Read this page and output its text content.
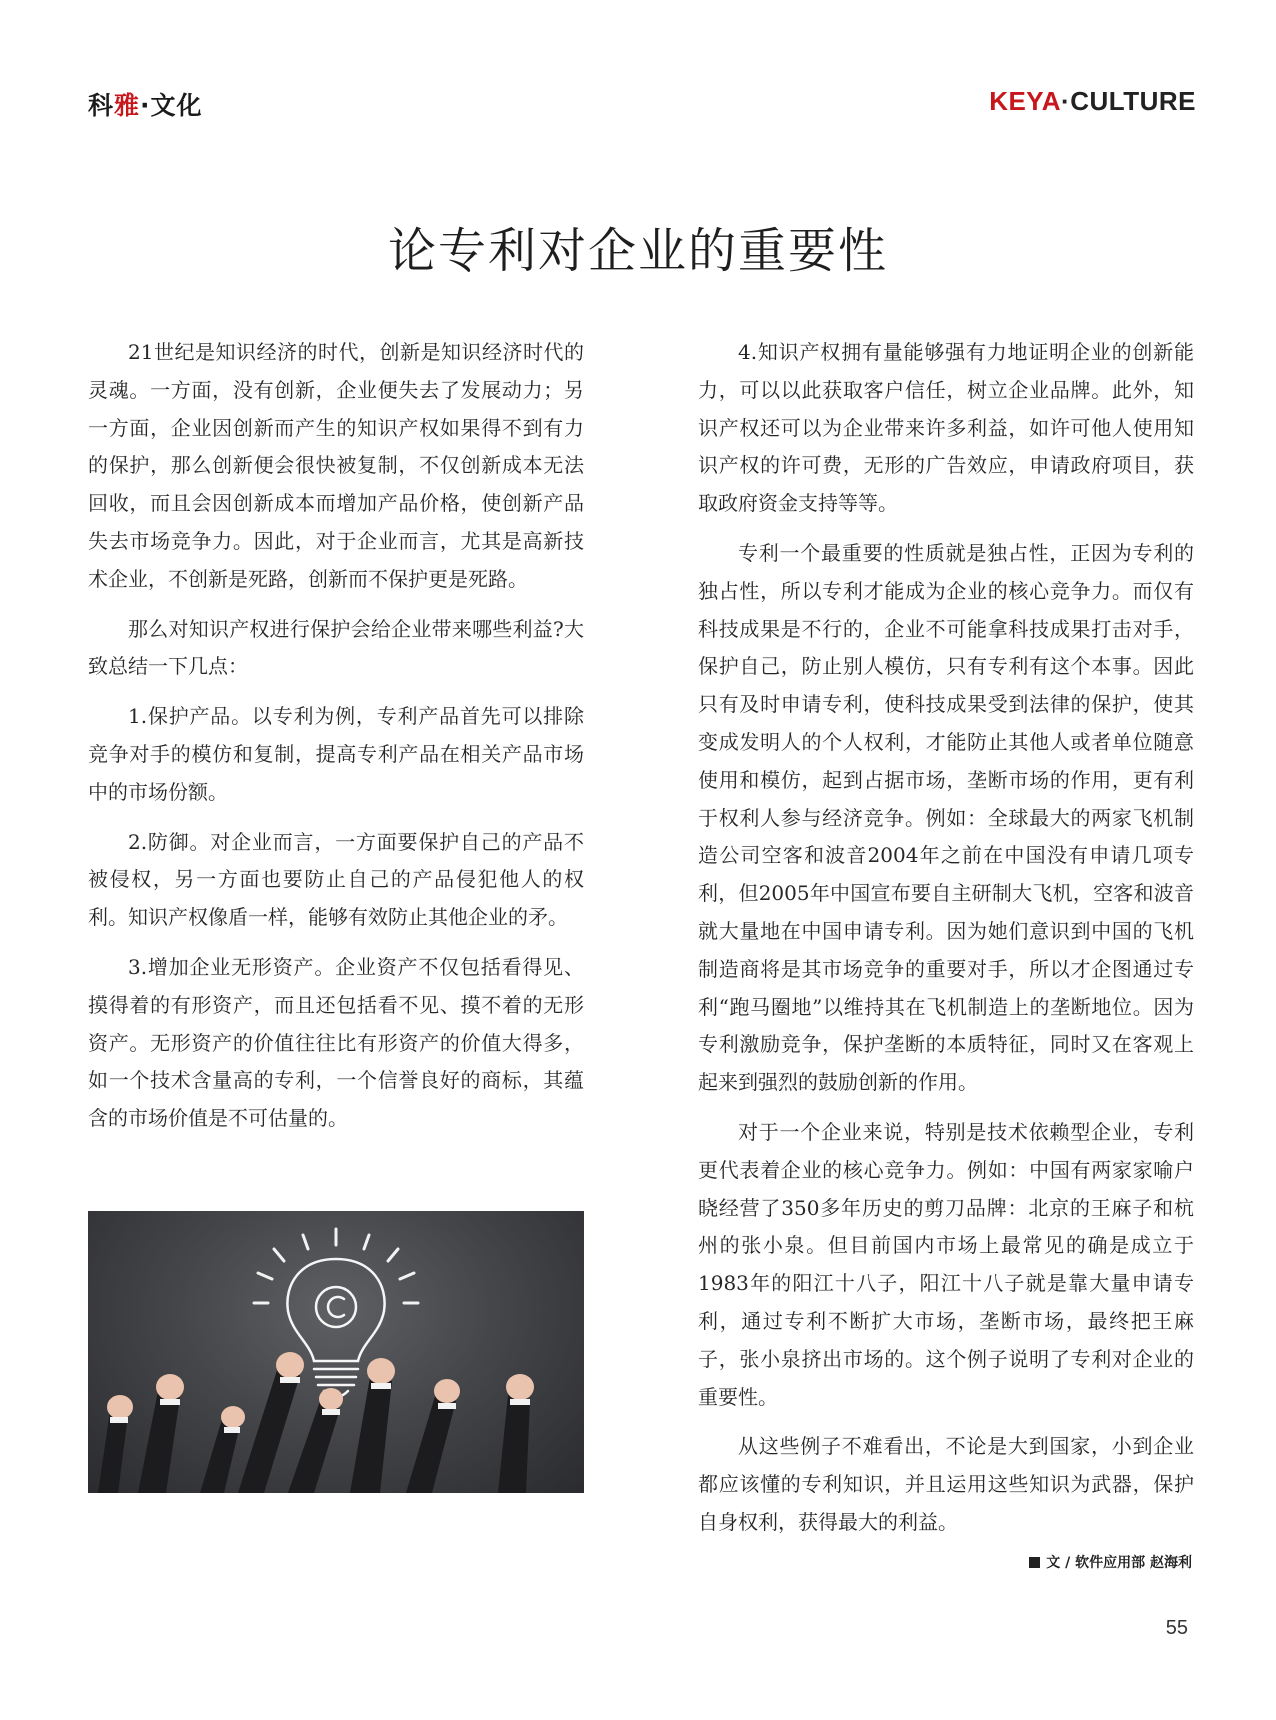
科雅·文化	KEYA·CULTURE
论专利对企业的重要性

21世纪是知识经济的时代，创新是知识经济时代的灵魂。一方面，没有创新，企业便失去了发展动力；另一方面，企业因创新而产生的知识产权如果得不到有力的保护，那么创新便会很快被复制，不仅创新成本无法回收，而且会因创新成本而增加产品价格，使创新产品失去市场竞争力。因此，对于企业而言，尤其是高新技术企业，不创新是死路，创新而不保护更是死路。

那么对知识产权进行保护会给企业带来哪些利益?大致总结一下几点：

1.保护产品。以专利为例，专利产品首先可以排除竞争对手的模仿和复制，提高专利产品在相关产品市场中的市场份额。

2.防御。对企业而言，一方面要保护自己的产品不被侵权，另一方面也要防止自己的产品侵犯他人的权利。知识产权像盾一样，能够有效防止其他企业的矛。

3.增加企业无形资产。企业资产不仅包括看得见、摸得着的有形资产，而且还包括看不见、摸不着的无形资产。无形资产的价值往往比有形资产的价值大得多，如一个技术含量高的专利，一个信誉良好的商标，其蕴含的市场价值是不可估量的。

4.知识产权拥有量能够强有力地证明企业的创新能力，可以以此获取客户信任，树立企业品牌。此外，知识产权还可以为企业带来许多利益，如许可他人使用知识产权的许可费，无形的广告效应，申请政府项目，获取政府资金支持等等。

专利一个最重要的性质就是独占性，正因为专利的独占性，所以专利才能成为企业的核心竞争力。而仅有科技成果是不行的，企业不可能拿科技成果打击对手，保护自己，防止别人模仿，只有专利有这个本事。因此只有及时申请专利，使科技成果受到法律的保护，使其变成发明人的个人权利，才能防止其他人或者单位随意使用和模仿，起到占据市场，垄断市场的作用，更有利于权利人参与经济竞争。例如：全球最大的两家飞机制造公司空客和波音2004年之前在中国没有申请几项专利，但2005年中国宣布要自主研制大飞机，空客和波音就大量地在中国申请专利。因为她们意识到中国的飞机制造商将是其市场竞争的重要对手，所以才企图通过专利“跑马圈地”以维持其在飞机制造上的垄断地位。因为专利激励竞争，保护垄断的本质特征，同时又在客观上起来到强烈的鼓励创新的作用。

对于一个企业来说，特别是技术依赖型企业，专利更代表着企业的核心竞争力。例如：中国有两家家喻户晓经营了350多年历史的剪刀品牌：北京的王麻子和杭州的张小泉。但目前国内市场上最常见的确是成立于1983年的阳江十八子，阳江十八子就是靠大量申请专利，通过专利不断扩大市场，垄断市场，最终把王麻子，张小泉挤出市场的。这个例子说明了专利对企业的重要性。

从这些例子不难看出，不论是大到国家，小到企业都应该懂的专利知识，并且运用这些知识为武器，保护自身权利，获得最大的利益。

文 / 软件应用部 赵海利
55
